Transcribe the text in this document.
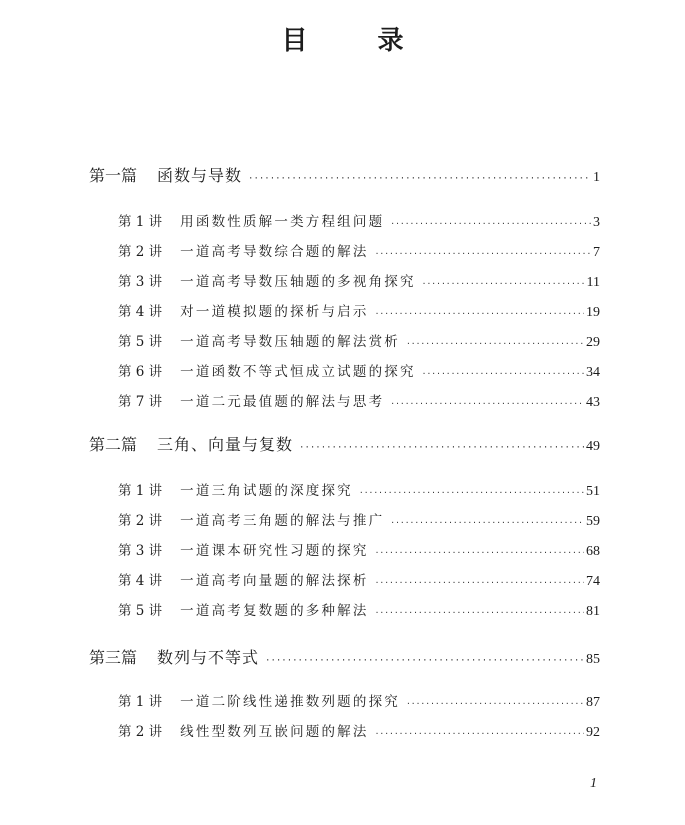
目　录
第一篇 函数与导数 ·····	1
第 1 讲 用函数性质解一类方程组问题 ·····	3
第 2 讲 一道高考导数综合题的解法 ·····	7
第 3 讲 一道高考导数压轴题的多视角探究 ·····	11
第 4 讲 对一道模拟题的探析与启示 ·····	19
第 5 讲 一道高考导数压轴题的解法赏析 ·····	29
第 6 讲 一道函数不等式恒成立试题的探究 ·····	34
第 7 讲 一道二元最值题的解法与思考 ·····	43
第二篇 三角、向量与复数 ·····	49
第 1 讲 一道三角试题的深度探究 ·····	51
第 2 讲 一道高考三角题的解法与推广 ·····	59
第 3 讲 一道课本研究性习题的探究 ·····	68
第 4 讲 一道高考向量题的解法探析 ·····	74
第 5 讲 一道高考复数题的多种解法 ·····	81
第三篇 数列与不等式 ·····	85
第 1 讲 一道二阶线性递推数列题的探究 ·····	87
第 2 讲 线性型数列互嵌问题的解法 ·····	92
1
